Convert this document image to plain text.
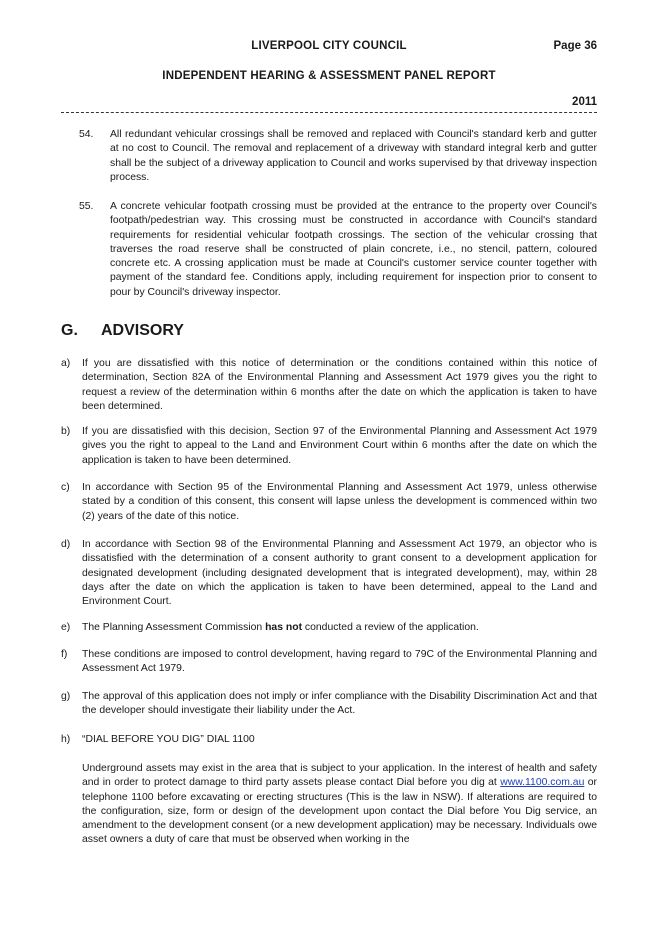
LIVERPOOL CITY COUNCIL	Page 36
INDEPENDENT HEARING & ASSESSMENT PANEL REPORT
2011
54. All redundant vehicular crossings shall be removed and replaced with Council's standard kerb and gutter at no cost to Council. The removal and replacement of a driveway with standard integral kerb and gutter shall be the subject of a driveway application to Council and works supervised by that driveway inspection process.

55. A concrete vehicular footpath crossing must be provided at the entrance to the property over Council's footpath/pedestrian way. This crossing must be constructed in accordance with Council's standard requirements for residential vehicular footpath crossings. The section of the vehicular crossing that traverses the road reserve shall be constructed of plain concrete, i.e., no stencil, pattern, coloured concrete etc. A crossing application must be made at Council's customer service counter together with payment of the standard fee. Conditions apply, including requirement for inspection prior to consent to pour by Council's driveway inspector.

G. ADVISORY
a) If you are dissatisfied with this notice of determination or the conditions contained within this notice of determination, Section 82A of the Environmental Planning and Assessment Act 1979 gives you the right to request a review of the determination within 6 months after the date on which the application is taken to have been determined.

b) If you are dissatisfied with this decision, Section 97 of the Environmental Planning and Assessment Act 1979 gives you the right to appeal to the Land and Environment Court within 6 months after the date on which the application is taken to have been determined.

c) In accordance with Section 95 of the Environmental Planning and Assessment Act 1979, unless otherwise stated by a condition of this consent, this consent will lapse unless the development is commenced within two (2) years of the date of this notice.

d) In accordance with Section 98 of the Environmental Planning and Assessment Act 1979, an objector who is dissatisfied with the determination of a consent authority to grant consent to a development application for designated development (including designated development that is integrated development), may, within 28 days after the date on which the application is taken to have been determined, appeal to the Land and Environment Court.

e) The Planning Assessment Commission has not conducted a review of the application.

f) These conditions are imposed to control development, having regard to 79C of the Environmental Planning and Assessment Act 1979.

g) The approval of this application does not imply or infer compliance with the Disability Discrimination Act and that the developer should investigate their liability under the Act.

h) “DIAL BEFORE YOU DIG” DIAL 1100

Underground assets may exist in the area that is subject to your application. In the interest of health and safety and in order to protect damage to third party assets please contact Dial before you dig at www.1100.com.au or telephone 1100 before excavating or erecting structures (This is the law in NSW). If alterations are required to the configuration, size, form or design of the development upon contact the Dial before You Dig service, an amendment to the development consent (or a new development application) may be necessary. Individuals owe asset owners a duty of care that must be observed when working in the
